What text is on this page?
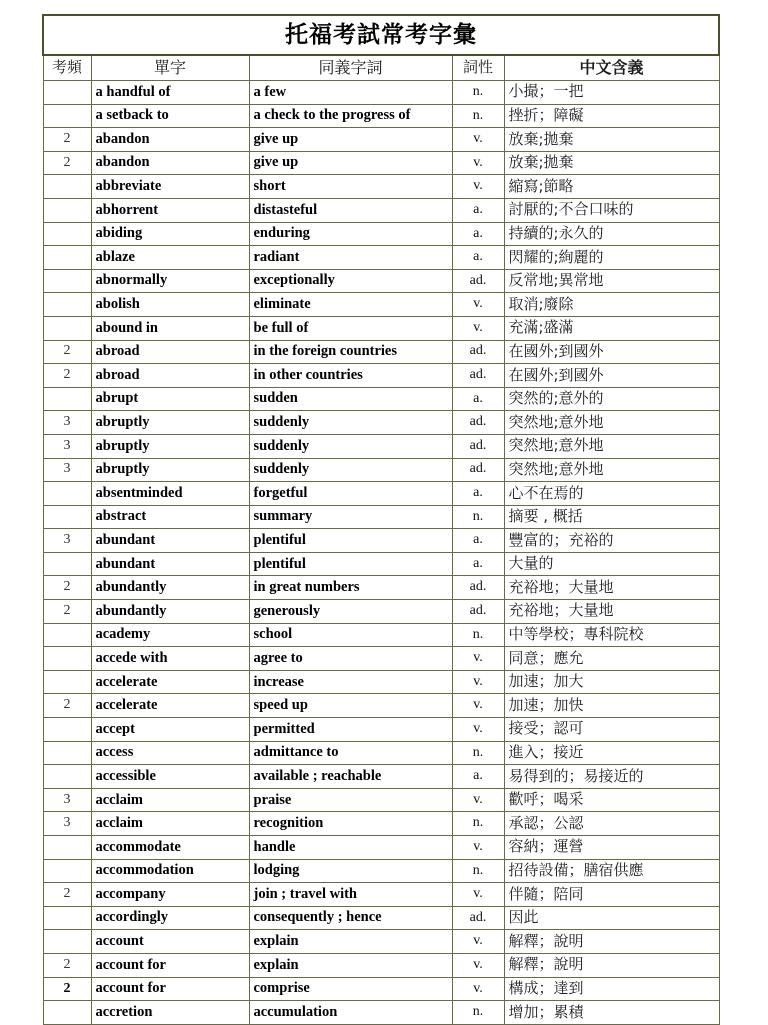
托福考試常考字彙				
考頻	單字	同義字詞	詞性	中文含義
	a handful of	a few	n.	小撮；一把
	a setback to	a check to the progress of	n.	挫折；障礙
2	abandon	give up	v.	放棄;拋棄
2	abandon	give up	v.	放棄;拋棄
	abbreviate	short	v.	縮寫;節略
	abhorrent	distasteful	a.	討厭的;不合口味的
	abiding	enduring	a.	持續的;永久的
	ablaze	radiant	a.	閃耀的;絢麗的
	abnormally	exceptionally	ad.	反常地;異常地
	abolish	eliminate	v.	取消;廢除
	abound in	be full of	v.	充滿;盛滿
2	abroad	in the foreign countries	ad.	在國外;到國外
2	abroad	in other countries	ad.	在國外;到國外
	abrupt	sudden	a.	突然的;意外的
3	abruptly	suddenly	ad.	突然地;意外地
3	abruptly	suddenly	ad.	突然地;意外地
3	abruptly	suddenly	ad.	突然地;意外地
	absentminded	forgetful	a.	心不在焉的
	abstract	summary	n.	摘要 , 概括
3	abundant	plentiful	a.	豐富的；充裕的
	abundant	plentiful	a.	大量的
2	abundantly	in great numbers	ad.	充裕地；大量地
2	abundantly	generously	ad.	充裕地；大量地
	academy	school	n.	中等學校；專科院校
	accede with	agree to	v.	同意；應允
	accelerate	increase	v.	加速；加大
2	accelerate	speed up	v.	加速；加快
	accept	permitted	v.	接受；認可
	access	admittance to	n.	進入；接近
	accessible	available ; reachable	a.	易得到的；易接近的
3	acclaim	praise	v.	歡呼；喝采
3	acclaim	recognition	n.	承認；公認
	accommodate	handle	v.	容納；運營
	accommodation	lodging	n.	招待設備；膳宿供應
2	accompany	join ; travel with	v.	伴隨；陪同
	accordingly	consequently ; hence	ad.	因此
	account	explain	v.	解釋；說明
2	account for	explain	v.	解釋；說明
2	account for	comprise	v.	構成；達到
	accretion	accumulation	n.	增加；累積
